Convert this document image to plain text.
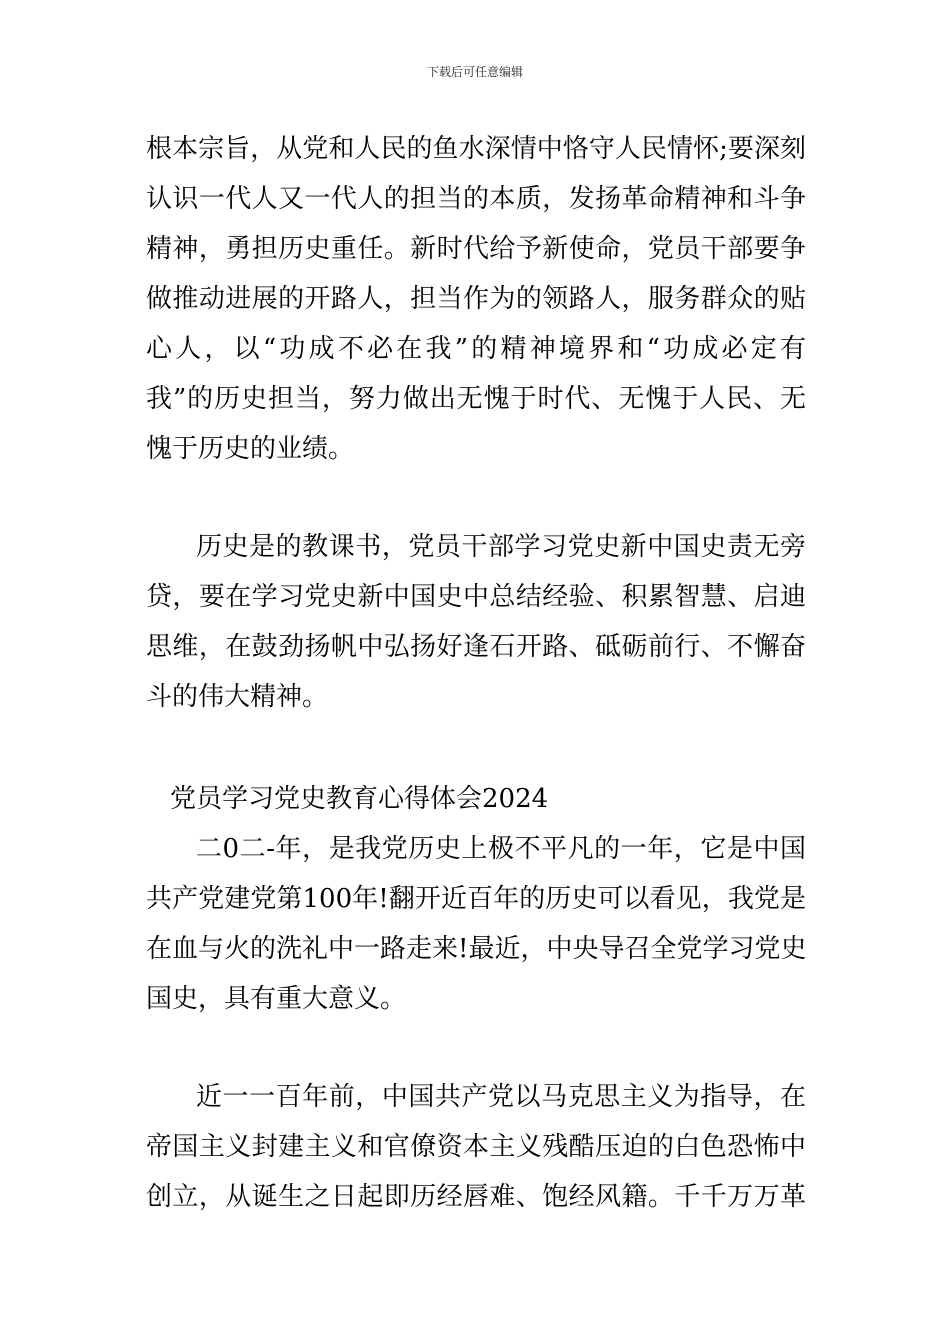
下载后可任意编辑
根本宗旨，从党和人民的鱼水深情中恪守人民情怀;要深刻
认识一代人又一代人的担当的本质，发扬革命精神和斗争
精神，勇担历史重任。新时代给予新使命，党员干部要争
做推动进展的开路人，担当作为的领路人，服务群众的贴
心人，以“功成不必在我”的精神境界和“功成必定有
我”的历史担当，努力做出无愧于时代、无愧于人民、无
愧于历史的业绩。
历史是的教课书，党员干部学习党史新中国史责无旁
贷，要在学习党史新中国史中总结经验、积累智慧、启迪
思维，在鼓劲扬帆中弘扬好逢石开路、砥砺前行、不懈奋
斗的伟大精神。
党员学习党史教育心得体会2024
二0二-年，是我党历史上极不平凡的一年，它是中国
共产党建党第100年!翻开近百年的历史可以看见，我党是
在血与火的洗礼中一路走来!最近，中央导召全党学习党史
国史，具有重大意义。
近一一百年前，中国共产党以马克思主义为指导，在
帝国主义封建主义和官僚资本主义残酷压迫的白色恐怖中
创立，从诞生之日起即历经唇难、饱经风籍。千千万万革
